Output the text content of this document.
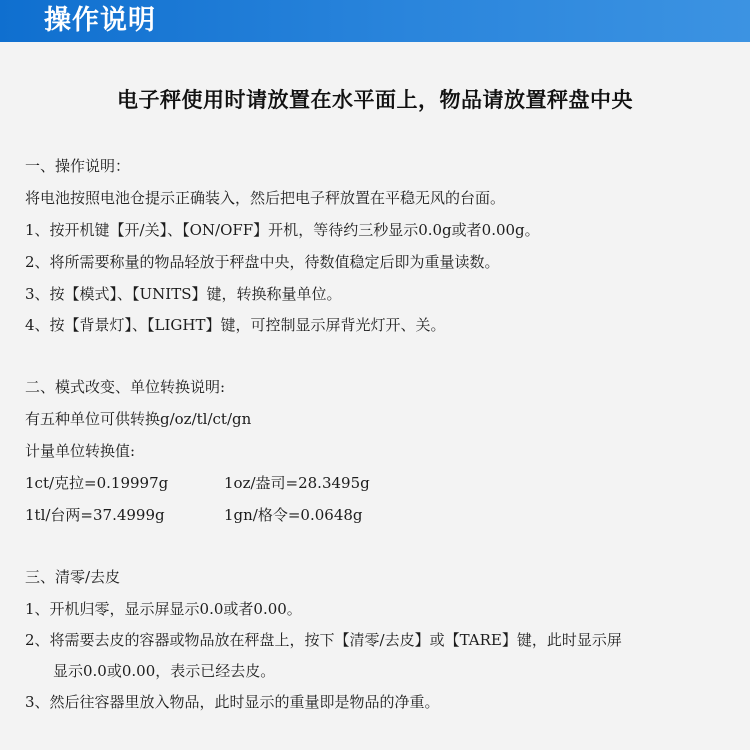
操作说明
电子秤使用时请放置在水平面上，物品请放置秤盘中央
一、操作说明：
将电池按照电池仓提示正确装入，然后把电子秤放置在平稳无风的台面。
1、按开机键【开/关】、【ON/OFF】开机，等待约三秒显示0.0g或者0.00g。
2、将所需要称量的物品轻放于秤盘中央，待数值稳定后即为重量读数。
3、按【模式】、【UNITS】键，转换称量单位。
4、按【背景灯】、【LIGHT】键，可控制显示屏背光灯开、关。
二、模式改变、单位转换说明:
有五种单位可供转换g/oz/tl/ct/gn
计量单位转换值:
1ct/克拉=0.19997g	1oz/盎司=28.3495g
1tl/台两=37.4999g	1gn/格令=0.0648g
三、清零/去皮
1、开机归零，显示屏显示0.0或者0.00。
2、将需要去皮的容器或物品放在秤盘上，按下【清零/去皮】或【TARE】键，此时显示屏
显示0.0或0.00，表示已经去皮。
3、然后往容器里放入物品，此时显示的重量即是物品的净重。
